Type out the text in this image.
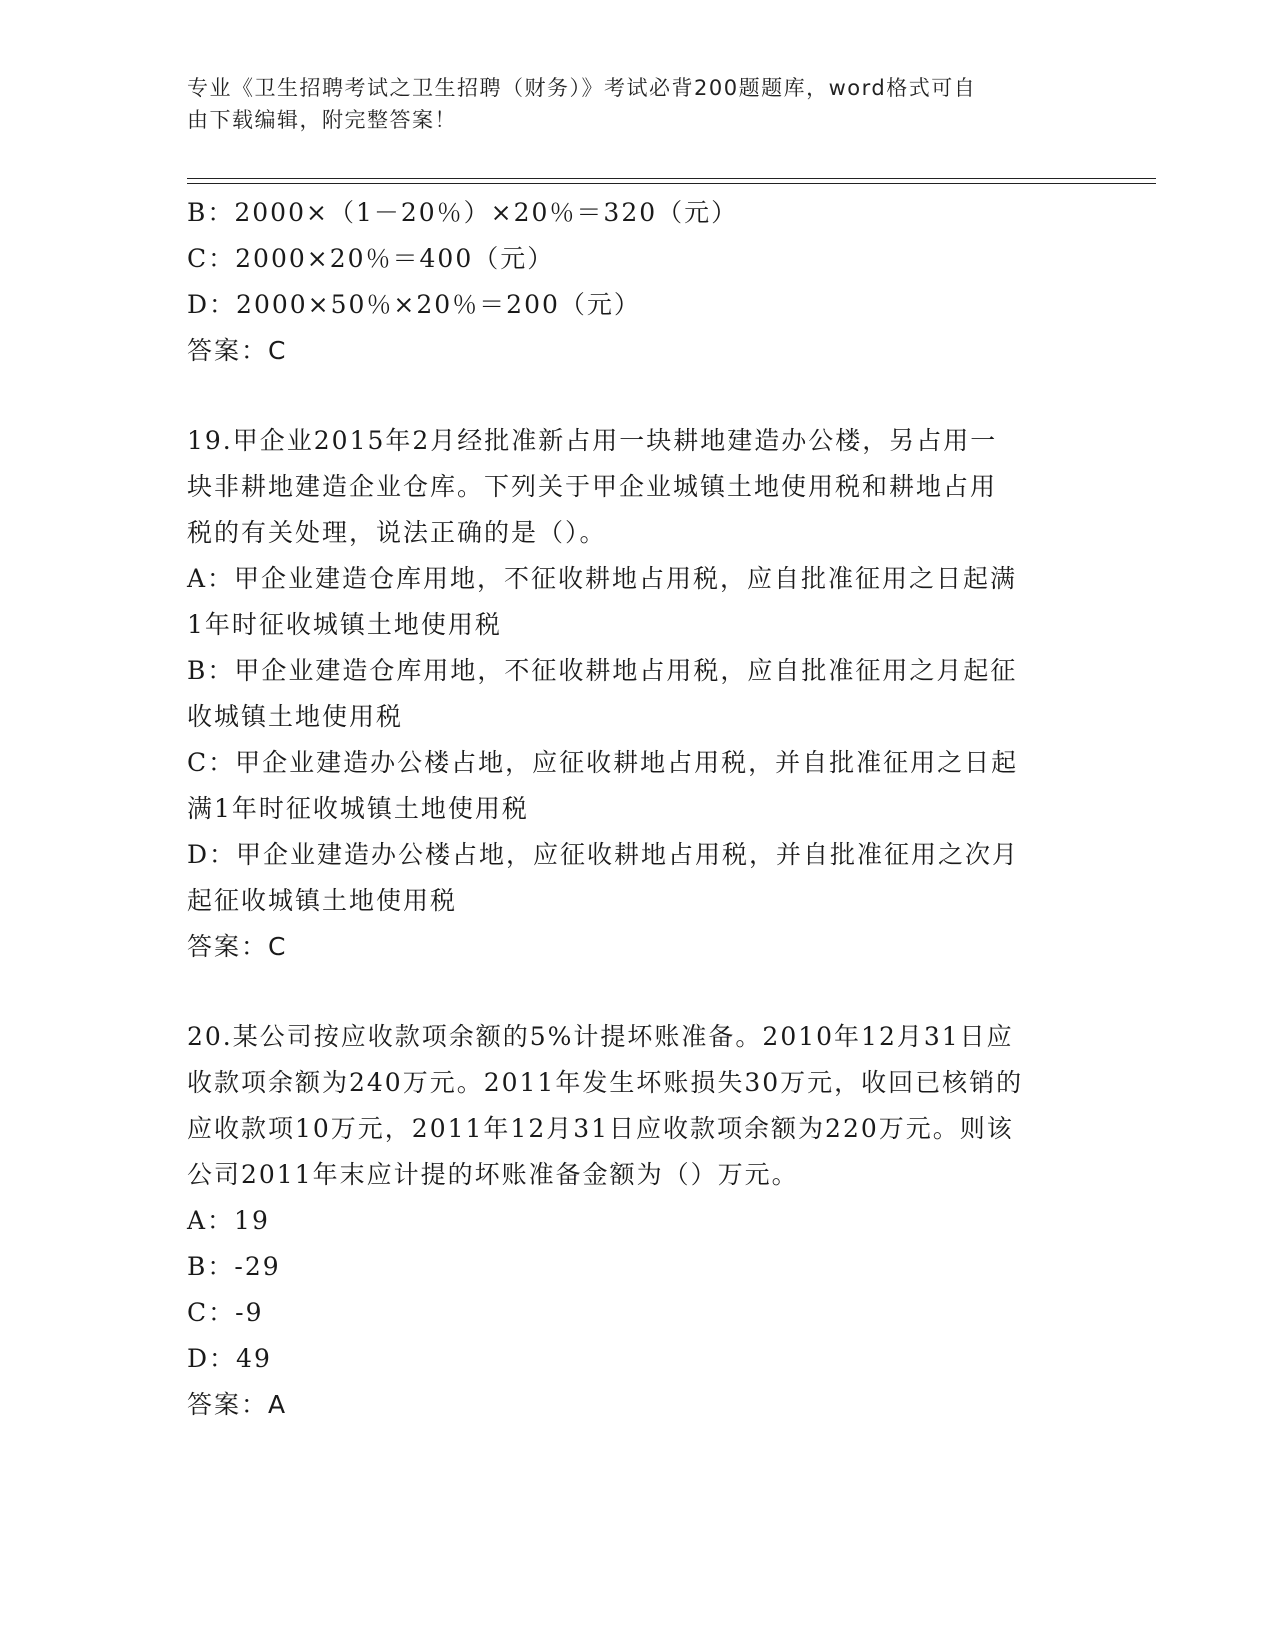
专业《卫生招聘考试之卫生招聘（财务）》考试必背200题题库，word格式可自
由下载编辑，附完整答案！
B：2000×（1－20％）×20％＝320（元）
C：2000×20％＝400（元）
D：2000×50％×20％＝200（元）
答案：C
19.甲企业2015年2月经批准新占用一块耕地建造办公楼，另占用一
块非耕地建造企业仓库。下列关于甲企业城镇土地使用税和耕地占用
税的有关处理，说法正确的是（）。
A：甲企业建造仓库用地，不征收耕地占用税，应自批准征用之日起满
1年时征收城镇土地使用税
B：甲企业建造仓库用地，不征收耕地占用税，应自批准征用之月起征
收城镇土地使用税
C：甲企业建造办公楼占地，应征收耕地占用税，并自批准征用之日起
满1年时征收城镇土地使用税
D：甲企业建造办公楼占地，应征收耕地占用税，并自批准征用之次月
起征收城镇土地使用税
答案：C
20.某公司按应收款项余额的5%计提坏账准备。2010年12月31日应
收款项余额为240万元。2011年发生坏账损失30万元，收回已核销的
应收款项10万元，2011年12月31日应收款项余额为220万元。则该
公司2011年末应计提的坏账准备金额为（）万元。
A：19
B：-29
C：-9
D：49
答案：A
